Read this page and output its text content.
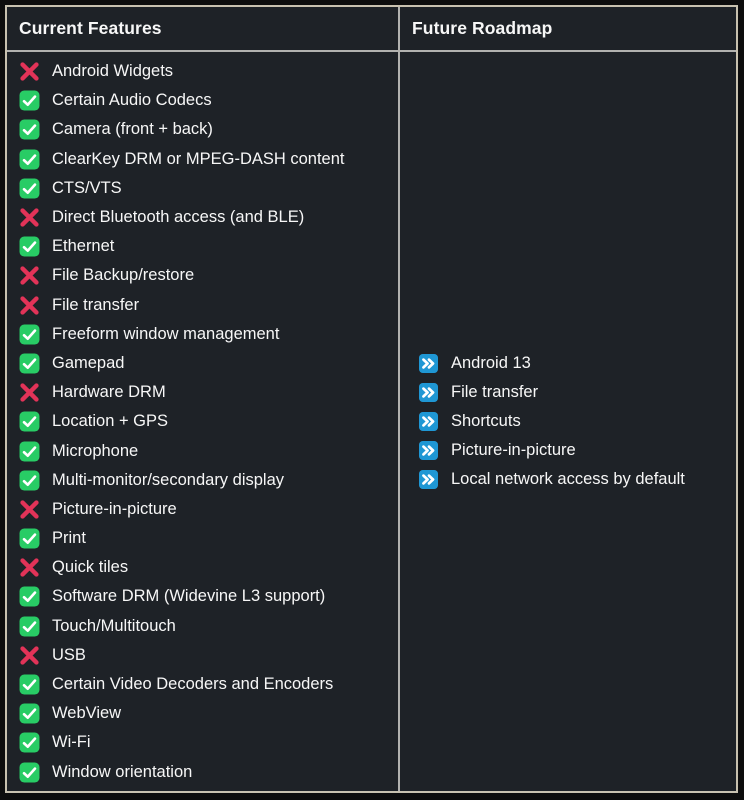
Current Features	Future Roadmap
Android Widgets
Certain Audio Codecs
Camera (front + back)
ClearKey DRM or MPEG-DASH content
CTS/VTS
Direct Bluetooth access (and BLE)
Ethernet
File Backup/restore
File transfer
Freeform window management
Gamepad
Hardware DRM
Location + GPS
Microphone
Multi-monitor/secondary display
Picture-in-picture
Print
Quick tiles
Software DRM (Widevine L3 support)
Touch/Multitouch
USB
Certain Video Decoders and Encoders
WebView
Wi-Fi
Window orientation
Android 13
File transfer
Shortcuts
Picture-in-picture
Local network access by default
